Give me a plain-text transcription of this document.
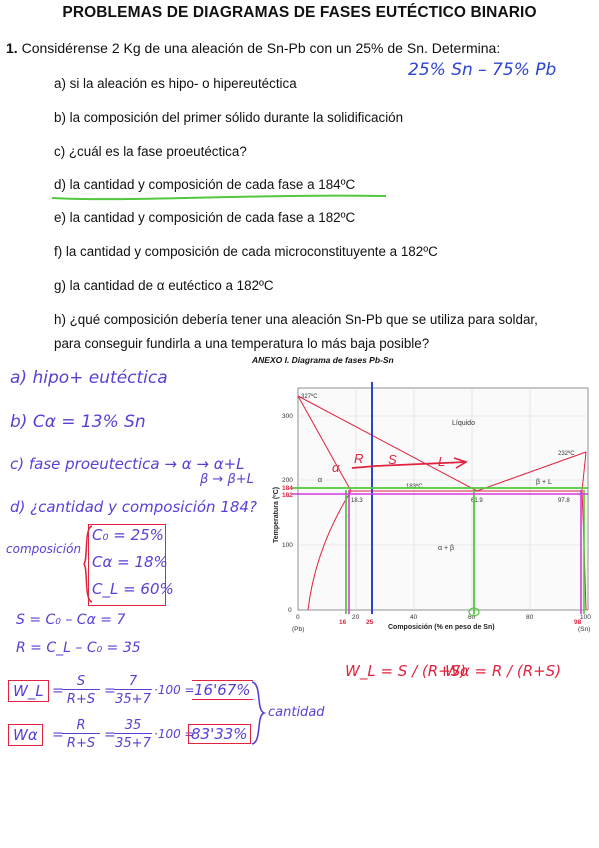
PROBLEMAS DE DIAGRAMAS DE FASES EUTÉCTICO BINARIO
1. Considérense 2 Kg de una aleación de Sn-Pb con un 25% de Sn. Determina:
a) si la aleación es hipo- o hipereutéctica
b) la composición del primer sólido durante la solidificación
c) ¿cuál es la fase proeutéctica?
d) la cantidad y composición de cada fase a 184ºC
e) la cantidad y composición de cada fase a 182ºC
f) la cantidad y composición de cada microconstituyente a 182ºC
g) la cantidad de α eutéctico a 182ºC
h) ¿qué composición debería tener una aleación Sn-Pb que se utiliza para soldar,
para conseguir fundirla a una temperatura lo más baja posible?
25% Sn – 75% Pb
ANEXO I. Diagrama de fases Pb-Sn
300
200
100
0
0	20	40	60	80	100
(Pb)	(Sn)
Composición (% en peso de Sn)
Temperatura (ºC)
327ºC
232ºC
183ºC
18.3	61.9	97.8
Líquido
α	β + L
α + β
α
R S	L
184
182
16	25	98
a) hipo+ eutéctica
b) Cα = 13% Sn
c) fase proeutectica → α → α+L
β → β+L
d) ¿cantidad y composición 184?
composición
C₀ = 25%
Cα = 18%
C_L = 60%
S = C₀ – Cα = 7
R = C_L – C₀ = 35
W_L =
S
R+S
=
7
35+7
·100 = 16'67%
Wα	=
R
R+S
=
35
35+7
·100 =
83'33%
cantidad
W_L = S / (R+S)
Wα = R / (R+S)
